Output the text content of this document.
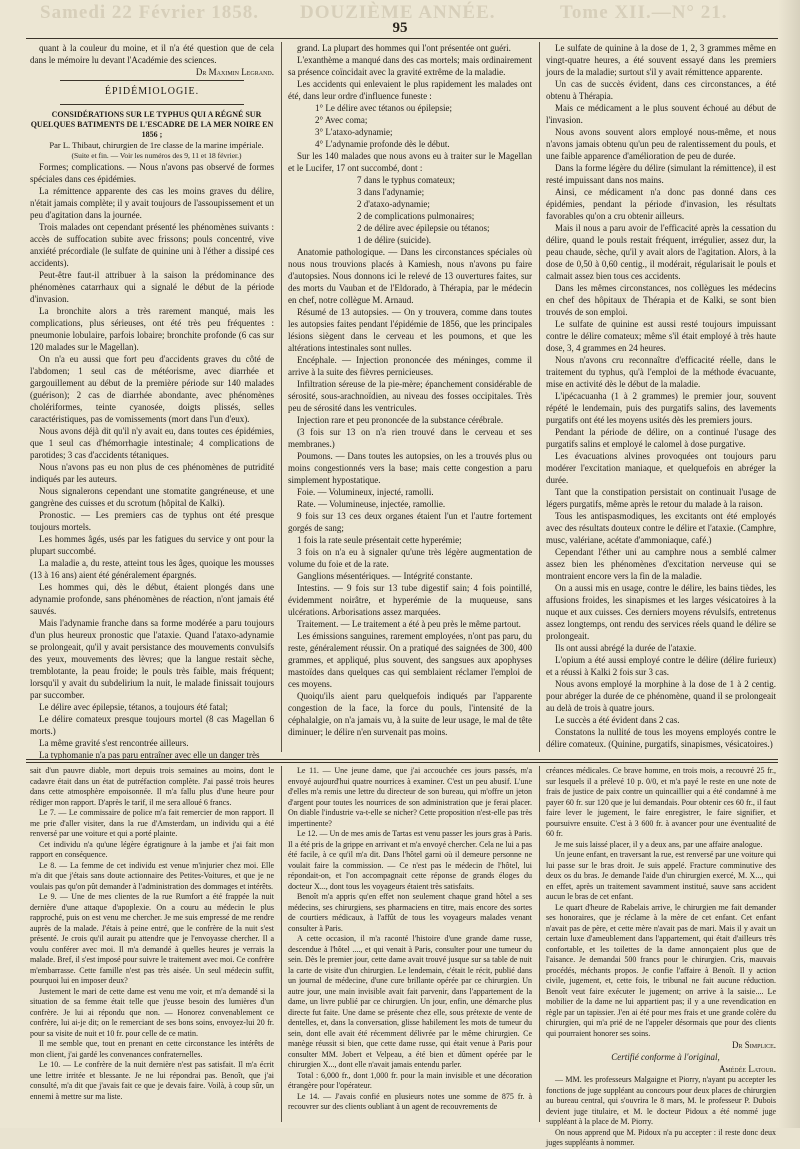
Samedi 22 Février 1858. DOUZIÈME ANNÉE.	Tome XII.—N° 21.
95

quant à la couleur du moine, et il n'a été question que de cela dans le mémoire lu devant l'Académie des sciences.

Dr Maximin Legrand.

ÉPIDÉMIOLOGIE.

CONSIDÉRATIONS SUR LE TYPHUS QUI A RÉGNÉ SUR QUELQUES BATIMENTS DE L'ESCADRE DE LA MER NOIRE EN 1856 ;

Par L. Thibaut, chirurgien de 1re classe de la marine impériale.

(Suite et fin. — Voir les numéros des 9, 11 et 18 février.)

Formes; complications. — Nous n'avons pas observé de formes spéciales dans ces épidémies.

La rémittence apparente des cas les moins graves du délire, n'était jamais complète; il y avait toujours de l'assoupissement et un peu d'agitation dans la journée.

Trois malades ont cependant présenté les phénomènes suivants : accès de suffocation subite avec frissons; pouls concentré, vive anxiété précordiale (le sulfate de quinine uni à l'éther a dissipé ces accidents).

Peut-être faut-il attribuer à la saison la prédominance des phénomènes catarrhaux qui a signalé le début de la période d'invasion.

La bronchite alors a très rarement manqué, mais les complications, plus sérieuses, ont été très peu fréquentes : pneumonie lobulaire, parfois lobaire; bronchite profonde (6 cas sur 120 malades sur le Magellan).

On n'a eu aussi que fort peu d'accidents graves du côté de l'abdomen; 1 seul cas de météorisme, avec diarrhée et gargouillement au début de la première période sur 140 malades (guérison); 2 cas de diarrhée abondante, avec phénomènes cholériformes, teinte cyanosée, doigts plissés, selles caractéristiques, pas de vomissements (mort dans l'un d'eux).

Nous avons déjà dit qu'il n'y avait eu, dans toutes ces épidémies, que 1 seul cas d'hémorrhagie intestinale; 4 complications de parotides; 3 cas d'accidents tétaniques.

Nous n'avons pas eu non plus de ces phénomènes de putridité indiqués par les auteurs.

Nous signalerons cependant une stomatite gangréneuse, et une gangrène des cuisses et du scrotum (hôpital de Kalki).

Pronostic. — Les premiers cas de typhus ont été presque toujours mortels.

Les hommes âgés, usés par les fatigues du service y ont pour la plupart succombé.

La maladie a, du reste, atteint tous les âges, quoique les mousses (13 à 16 ans) aient été généralement épargnés.

Les hommes qui, dès le début, étaient plongés dans une adynamie profonde, sans phénomènes de réaction, n'ont jamais été sauvés.

Mais l'adynamie franche dans sa forme modérée a paru toujours d'un plus heureux pronostic que l'ataxie. Quand l'ataxo-adynamie se prolongeait, qu'il y avait persistance des mouvements convulsifs des yeux, mouvements des lèvres; que la langue restait sèche, tremblotante, la peau froide; le pouls très faible, mais fréquent; lorsqu'il y avait du subdelirium la nuit, le malade finissait toujours par succomber.

Le délire avec épilepsie, tétanos, a toujours été fatal;

Le délire comateux presque toujours mortel (8 cas Magellan 6 morts.)

La même gravité s'est rencontrée ailleurs.

La typhomanie n'a pas paru entraîner avec elle un danger très

grand. La plupart des hommes qui l'ont présentée ont guéri.

L'exanthème a manqué dans des cas mortels; mais ordinairement sa présence coïncidait avec la gravité extrême de la maladie.

Les accidents qui enlevaient le plus rapidement les malades ont été, dans leur ordre d'influence funeste :

1° Le délire avec tétanos ou épilepsie;

2° Avec coma;

3° L'ataxo-adynamie;

4° L'adynamie profonde dès le début.

Sur les 140 malades que nous avons eu à traiter sur le Magellan et le Lucifer, 17 ont succombé, dont :

7 dans le typhus comateux;

3 dans l'adynamie;

2 d'ataxo-adynamie;

2 de complications pulmonaires;

2 de délire avec épilepsie ou tétanos;

1 de délire (suicide).

Anatomie pathologique. — Dans les circonstances spéciales où nous nous trouvions placés à Kamiesh, nous n'avons pu faire d'autopsies. Nous donnons ici le relevé de 13 ouvertures faites, sur des morts du Vauban et de l'Eldorado, à Thérapia, par le médecin en chef, notre collègue M. Arnaud.

Résumé de 13 autopsies. — On y trouvera, comme dans toutes les autopsies faites pendant l'épidémie de 1856, que les principales lésions siègent dans le cerveau et les poumons, et que les altérations intestinales sont nulles.

Encéphale. — Injection prononcée des méninges, comme il arrive à la suite des fièvres pernicieuses.

Infiltration séreuse de la pie-mère; épanchement considérable de sérosité, sous-arachnoïdien, au niveau des fosses occipitales. Très peu de sérosité dans les ventricules.

Injection rare et peu prononcée de la substance cérébrale.

(3 fois sur 13 on n'a rien trouvé dans le cerveau et ses membranes.)

Poumons. — Dans toutes les autopsies, on les a trouvés plus ou moins congestionnés vers la base; mais cette congestion a paru simplement hypostatique.

Foie. — Volumineux, injecté, ramolli.

Rate. — Volumineuse, injectée, ramollie.

9 fois sur 13 ces deux organes étaient l'un et l'autre fortement gorgés de sang;

1 fois la rate seule présentait cette hyperémie;

3 fois on n'a eu à signaler qu'une très légère augmentation de volume du foie et de la rate.

Ganglions mésentériques. — Intégrité constante.

Intestins. — 9 fois sur 13 tube digestif sain; 4 fois pointillé, évidemment noirâtre, et hyperémie de la muqueuse, sans ulcérations. Arborisations assez marquées.

Traitement. — Le traitement a été à peu près le même partout.

Les émissions sanguines, rarement employées, n'ont pas paru, du reste, généralement réussir. On a pratiqué des saignées de 300, 400 grammes, et appliqué, plus souvent, des sangsues aux apophyses mastoïdes dans quelques cas qui semblaient réclamer l'emploi de ces moyens.

Quoiqu'ils aient paru quelquefois indiqués par l'apparente congestion de la face, la force du pouls, l'intensité de la céphalalgie, on n'a jamais vu, à la suite de leur usage, le mal de tête diminuer; le délire n'en survenait pas moins.

Le sulfate de quinine à la dose de 1, 2, 3 grammes même en vingt-quatre heures, a été souvent essayé dans les premiers jours de la maladie; surtout s'il y avait rémittence apparente.

Un cas de succès évident, dans ces circonstances, a été obtenu à Thérapia.

Mais ce médicament a le plus souvent échoué au début de l'invasion.

Nous avons souvent alors employé nous-même, et nous n'avons jamais obtenu qu'un peu de ralentissement du pouls, et une faible apparence d'amélioration de peu de durée.

Dans la forme légère du délire (simulant la rémittence), il est resté impuissant dans nos mains.

Ainsi, ce médicament n'a donc pas donné dans ces épidémies, pendant la période d'invasion, les résultats favorables qu'on a cru obtenir ailleurs.

Mais il nous a paru avoir de l'efficacité après la cessation du délire, quand le pouls restait fréquent, irrégulier, assez dur, la peau chaude, sèche, qu'il y avait alors de l'agitation. Alors, à la dose de 0,50 à 0,60 centig., il modérait, régularisait le pouls et calmait assez bien tous ces accidents.

Dans les mêmes circonstances, nos collègues les médecins en chef des hôpitaux de Thérapia et de Kalki, se sont bien trouvés de son emploi.

Le sulfate de quinine est aussi resté toujours impuissant contre le délire comateux; même s'il était employé à très haute dose, 3, 4 grammes en 24 heures.

Nous n'avons cru reconnaître d'efficacité réelle, dans le traitement du typhus, qu'à l'emploi de la méthode évacuante, mise en activité dès le début de la maladie.

L'ipécacuanha (1 à 2 grammes) le premier jour, souvent répété le lendemain, puis des purgatifs salins, des lavements purgatifs ont été les moyens usités dès les premiers jours.

Pendant la période de délire, on a continué l'usage des purgatifs salins et employé le calomel à dose purgative.

Les évacuations alvines provoquées ont toujours paru modérer l'excitation maniaque, et quelquefois en abréger la durée.

Tant que la constipation persistait on continuait l'usage de légers purgatifs, même après le retour du malade à la raison.

Tous les antispasmodiques, les excitants ont été employés avec des résultats douteux contre le délire et l'ataxie. (Camphre, musc, valériane, acétate d'ammoniaque, café.)

Cependant l'éther uni au camphre nous a semblé calmer assez bien les phénomènes d'excitation nerveuse qui se montraient encore vers la fin de la maladie.

On a aussi mis en usage, contre le délire, les bains tièdes, les affusions froides, les sinapismes et les larges vésicatoires à la nuque et aux cuisses. Ces derniers moyens révulsifs, entretenus assez longtemps, ont rendu des services réels quand le délire se prolongeait.

Ils ont aussi abrégé la durée de l'ataxie.

L'opium a été aussi employé contre le délire (délire furieux) et a réussi à Kalki 2 fois sur 3 cas.

Nous avons employé la morphine à la dose de 1 à 2 centig. pour abréger la durée de ce phénomène, quand il se prolongeait au delà de trois à quatre jours.

Le succès a été évident dans 2 cas.

Constatons la nullité de tous les moyens employés contre le délire comateux. (Quinine, purgatifs, sinapismes, vésicatoires.)

sait d'un pauvre diable, mort depuis trois semaines au moins, dont le cadavre était dans un état de putréfaction complète. J'ai passé trois heures dans cette atmosphère empoisonnée. Il m'a fallu plus d'une heure pour rédiger mon rapport. D'après le tarif, il me sera alloué 6 francs.

Le 7. — Le commissaire de police m'a fait remercier de mon rapport. Il me prie d'aller visiter, dans la rue d'Amsterdam, un individu qui a été renversé par une voiture et qui a porté plainte.

Cet individu n'a qu'une légère égratignure à la jambe et j'ai fait mon rapport en conséquence.

Le 8. — La femme de cet individu est venue m'injurier chez moi. Elle m'a dit que j'étais sans doute actionnaire des Petites-Voitures, et que je ne voulais pas qu'on pût demander à l'administration des dommages et intérêts.

Le 9. — Une de mes clientes de la rue Rumfort a été frappée la nuit dernière d'une attaque d'apoplexie. On a couru au médecin le plus rapproché, puis on est venu me chercher. Je me suis empressé de me rendre auprès de la malade. J'étais à peine entré, que le confrère de la nuit s'est présenté. Je crois qu'il aurait pu attendre que je l'envoyasse chercher. Il a voulu conférer avec moi. Il m'a demandé à quelles heures je verrais la malade. Bref, il s'est imposé pour suivre le traitement avec moi. Ce confrère m'embarrasse. Cette famille n'est pas très aisée. Un seul médecin suffit, pourquoi lui en imposer deux?

Justement le mari de cette dame est venu me voir, et m'a demandé si la situation de sa femme était telle que j'eusse besoin des lumières d'un confrère. Je lui ai répondu que non. — Honorez convenablement ce confrère, lui ai-je dit; on le remerciant de ses bons soins, envoyez-lui 20 fr. pour sa visite de nuit et 10 fr. pour celle de ce matin.

Il me semble que, tout en prenant en cette circonstance les intérêts de mon client, j'ai gardé les convenances confraternelles.

Le 10. — Le confrère de la nuit dernière n'est pas satisfait. Il m'a écrit une lettre irritée et blessante. Je ne lui répondrai pas. Benoît, que j'ai consulté, m'a dit que j'avais fait ce que je devais faire. Voilà, à coup sûr, un ennemi à mettre sur ma liste.

Le 11. — Une jeune dame, que j'ai accouchée ces jours passés, m'a envoyé aujourd'hui quatre nourrices à examiner. C'est un peu abusif. L'une d'elles m'a remis une lettre du directeur de son bureau, qui m'offre un jeton d'argent pour toutes les nourrices de son administration que je ferai placer. On diable l'industrie va-t-elle se nicher? Cette proposition n'est-elle pas très impertinente?

Le 12. — Un de mes amis de Tartas est venu passer les jours gras à Paris. Il a été pris de la grippe en arrivant et m'a envoyé chercher. Cela ne lui a pas été facile, à ce qu'il m'a dit. Dans l'hôtel garni où il demeure personne ne voulait faire la commission. — Ce n'est pas le médecin de l'hôtel, lui répondait-on, et l'on accompagnait cette réponse de grands éloges du docteur X..., dont tous les voyageurs étaient très satisfaits.

Benoît m'a appris qu'en effet non seulement chaque grand hôtel a ses médecins, ses chirurgiens, ses pharmaciens en titre, mais encore des sortes de courtiers médicaux, à l'affût de tous les voyageurs malades venant consulter à Paris.

A cette occasion, il m'a raconté l'histoire d'une grande dame russe, descendue à l'hôtel ...., et qui venait à Paris, consulter pour une tumeur du sein. Dès le premier jour, cette dame avait trouvé jusque sur sa table de nuit la carte de visite d'un chirurgien. Le lendemain, c'était le récit, publié dans un journal de médecine, d'une cure brillante opérée par ce chirurgien. Un autre jour, une main invisible avait fait parvenir, dans l'appartement de la dame, un livre publié par ce chirurgien. Un jour, enfin, une démarche plus directe fut faite. Une dame se présente chez elle, sous prétexte de vente de dentelles, et, dans la conversation, glisse habilement les mots de tumeur du sein, dont elle avait été récemment délivrée par le même chirurgien. Ce manège réussit si bien, que cette dame russe, qui était venue à Paris pour consulter MM. Jobert et Velpeau, a été bien et dûment opérée par le chirurgien X..., dont elle n'avait jamais entendu parler.

Total : 6,000 fr., dont 1,000 fr. pour la main invisible et une décoration étrangère pour l'opérateur.

Le 14. — J'avais confié en plusieurs notes une somme de 875 fr. à recouvrer sur des clients oubliant à un agent de recouvrements de

créances médicales. Ce brave homme, en trois mois, a recouvré 25 fr., sur lesquels il a prélevé 10 p. 0/0, et m'a payé le reste en une note de frais de justice de paix contre un quincaillier qui a été condamné à me payer 60 fr. sur 120 que je lui demandais. Pour obtenir ces 60 fr., il faut faire lever le jugement, le faire enregistrer, le faire signifier, et poursuivre ensuite. C'est à 3 600 fr. à avancer pour une éventualité de 60 fr.

Je me suis laissé placer, il y a deux ans, par une affaire analogue.

Un jeune enfant, en traversant la rue, est renversé par une voiture qui lui passe sur le bras droit. Je suis appelé. Fracture comminutive des deux os du bras. Je demande l'aide d'un chirurgien exercé, M. X..., qui en effet, après un traitement savamment institué, sauve sans accident aucun le bras de cet enfant.

Le quart d'heure de Rabelais arrive, le chirurgien me fait demander ses honoraires, que je réclame à la mère de cet enfant. Cet enfant n'avait pas de père, et cette mère n'avait pas de mari. Mais il y avait un certain luxe d'ameublement dans l'appartement, qui était d'ailleurs très confortable, et les toilettes de la dame annonçaient plus que de l'aisance. Je demandai 500 francs pour le chirurgien. Cris, mauvais procédés, méchants propos. Je confie l'affaire à Benoît. Il y action civile, jugement, et, cette fois, le tribunal ne fait aucune réduction. Benoît veut faire exécuter le jugement; on arrive à la saisie.... Le mobilier de la dame ne lui appartient pas; il y a une revendication en règle par un tapissier. J'en ai été pour mes frais et une grande colère du chirurgien, qui m'a prié de ne l'appeler désormais que pour des clients qui pourraient honorer ses soins.

Dr Simplice.

Certifié conforme à l'original,

Amédée Latour.

— MM. les professeurs Malgaigne et Piorry, n'ayant pu accepter les fonctions de juge suppléant au concours pour deux places de chirurgien au bureau central, qui s'ouvrira le 8 mars, M. le professeur P. Dubois devient juge titulaire, et M. le docteur Pidoux a été nommé juge suppléant à la place de M. Piorry.

On nous apprend que M. Pidoux n'a pu accepter : il reste donc deux juges suppléants à nommer.
